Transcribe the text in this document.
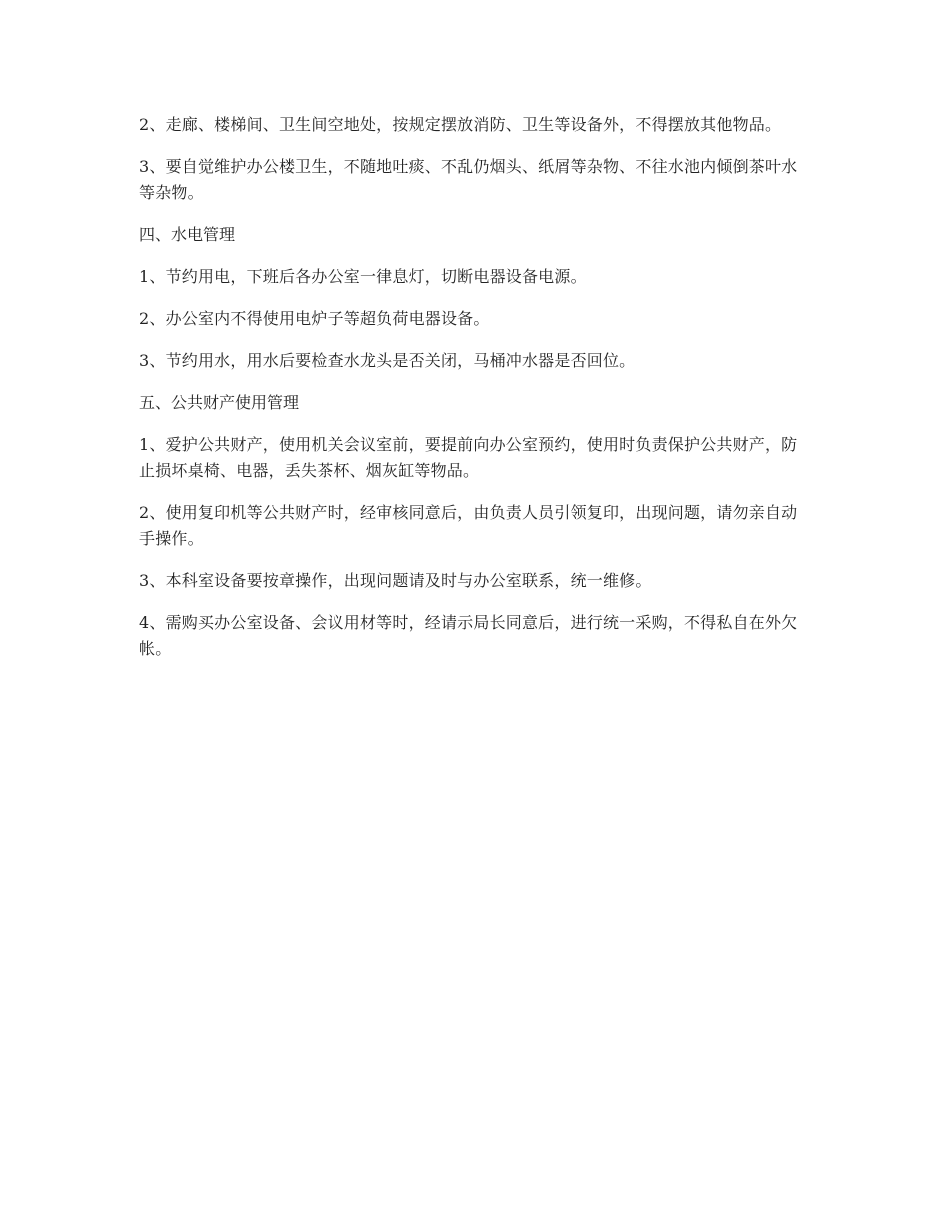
2、走廊、楼梯间、卫生间空地处，按规定摆放消防、卫生等设备外，不得摆放其他物品。

3、要自觉维护办公楼卫生，不随地吐痰、不乱仍烟头、纸屑等杂物、不往水池内倾倒茶叶水等杂物。

四、水电管理

1、节约用电，下班后各办公室一律息灯，切断电器设备电源。

2、办公室内不得使用电炉子等超负荷电器设备。

3、节约用水，用水后要检查水龙头是否关闭，马桶冲水器是否回位。

五、公共财产使用管理

1、爱护公共财产，使用机关会议室前，要提前向办公室预约，使用时负责保护公共财产，防止损坏桌椅、电器，丢失茶杯、烟灰缸等物品。

2、使用复印机等公共财产时，经审核同意后，由负责人员引领复印，出现问题，请勿亲自动手操作。

3、本科室设备要按章操作，出现问题请及时与办公室联系，统一维修。

4、需购买办公室设备、会议用材等时，经请示局长同意后，进行统一采购，不得私自在外欠帐。
